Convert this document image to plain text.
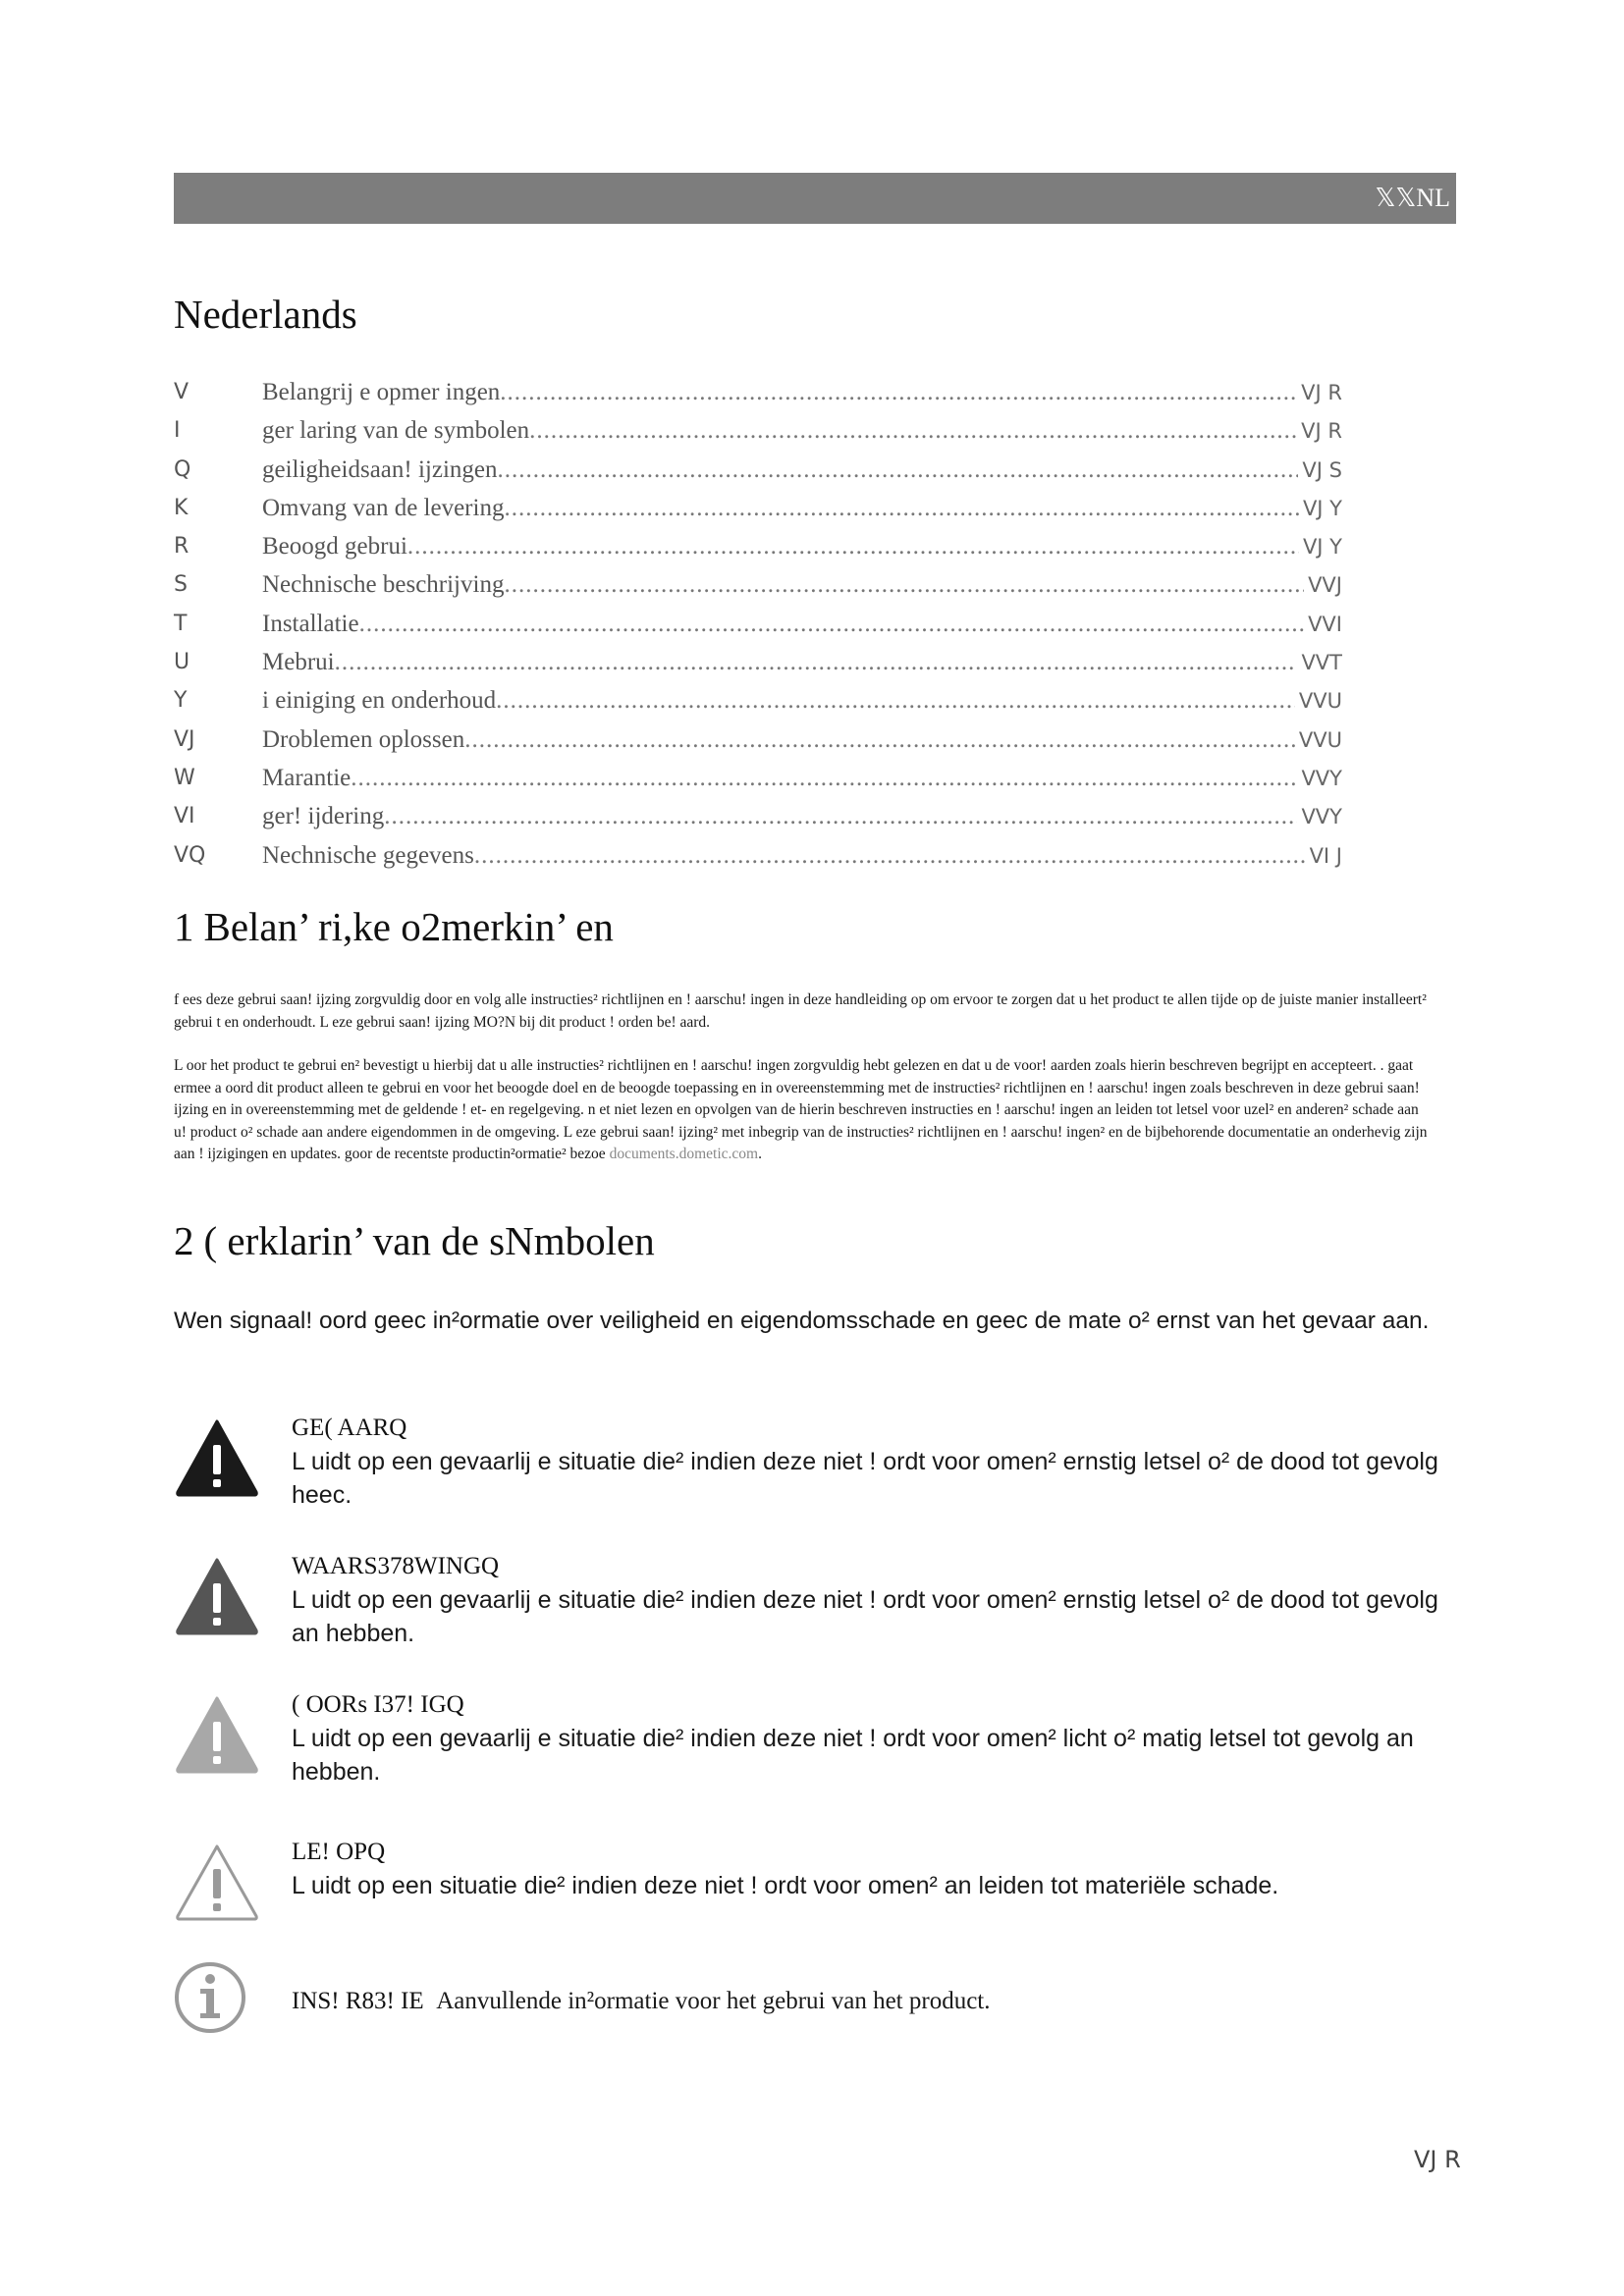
𝕏𝕏NL
Nederlands
V	Belangrij e opmer ingen .....	VJ R
I	ger laring van de symbolen .....	VJ R
Q	geiligheidsaan! ijzingen .....	VJ S
K	Omvang van de levering .....	VJ Y
R	Beoogd gebrui .....	VJ Y
S	Nechnische beschrijving .....	VVJ
T	Installatie .....	VVI
U	Mebrui .....	VVT
Y	i einiging en onderhoud .....	VVU
VJ	Droblemen oplossen .....	VVU
W	Marantie .....	VVY
VI	ger! ijdering .....	VVY
VQ Nechnische gegevens .....	VI J
1 Belan’ ri,ke o2merkin’ en

f ees deze gebrui saan! ijzing zorgvuldig door en volg alle instructies² richtlijnen en ! aarschu! ingen in deze handleiding op om ervoor te zorgen dat u het product te allen tijde op de juiste manier installeert² gebrui t en onderhoudt. L eze gebrui saan! ijzing MO?N bij dit product ! orden be! aard.

L oor het product te gebrui en² bevestigt u hierbij dat u alle instructies² richtlijnen en ! aarschu! ingen zorgvuldig hebt gelezen en dat u de voor! aarden zoals hierin beschreven begrijpt en accepteert. . gaat ermee a oord dit product alleen te gebrui en voor het beoogde doel en de beoogde toepassing en in overeenstemming met de instructies² richtlijnen en ! aarschu! ingen zoals beschreven in deze gebrui saan! ijzing en in overeenstemming met de geldende ! et- en regelgeving. n et niet lezen en opvolgen van de hierin beschreven instructies en ! aarschu! ingen an leiden tot letsel voor uzel² en anderen² schade aan u! product o² schade aan andere eigendommen in de omgeving. L eze gebrui saan! ijzing² met inbegrip van de instructies² richtlijnen en ! aarschu! ingen² en de bijbehorende documentatie an onderhevig zijn aan ! ijzigingen en updates. goor de recentste productin²ormatie² bezoe documents.dometic.com.

2 ( erklarin’ van de sNmbolen

Wen signaal! oord geec in²ormatie over veiligheid en eigendomsschade en geec de mate o² ernst van het gevaar aan.

GE( AARQ
L uidt op een gevaarlij e situatie die² indien deze niet ! ordt voor omen² ernstig letsel o² de dood tot gevolg heec.
WAARS378WINGQ
L uidt op een gevaarlij e situatie die² indien deze niet ! ordt voor omen² ernstig letsel o² de dood tot gevolg an hebben.
( OORs I37! IGQ
L uidt op een gevaarlij e situatie die² indien deze niet ! ordt voor omen² licht o² matig letsel tot gevolg an hebben.
LE! OPQ
L uidt op een situatie die² indien deze niet ! ordt voor omen² an leiden tot materiële schade.
INS! R83! IE Aanvullende in²ormatie voor het gebrui van het product.
VJ R
